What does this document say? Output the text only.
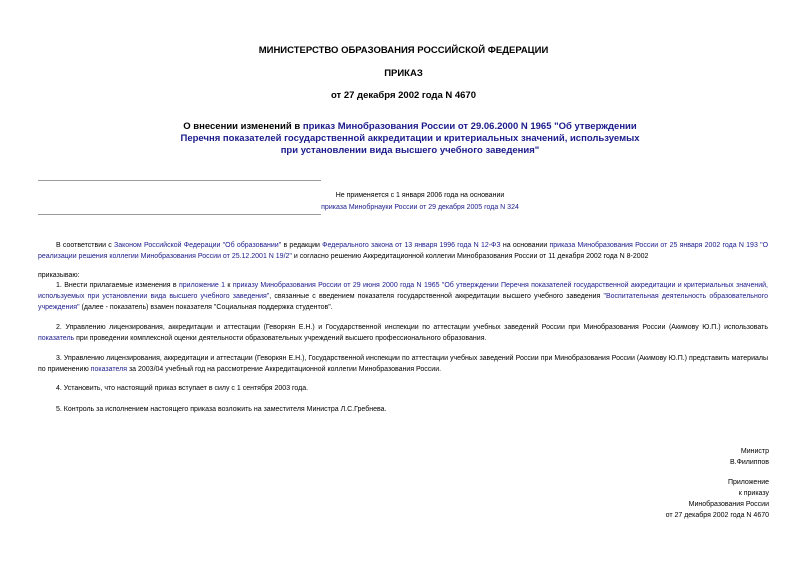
МИНИСТЕРСТВО ОБРАЗОВАНИЯ РОССИЙСКОЙ ФЕДЕРАЦИИ
ПРИКАЗ
от 27 декабря 2002 года N 4670
О внесении изменений в приказ Минобразования России от 29.06.2000 N 1965 "Об утверждении Перечня показателей государственной аккредитации и критериальных значений, используемых при установлении вида высшего учебного заведения"
Не применяется с 1 января 2006 года на основании
приказа Минобрнауки России от 29 декабря 2005 года N 324
В соответствии с Законом Российской Федерации "Об образовании" в редакции Федерального закона от 13 января 1996 года N 12-ФЗ на основании приказа Минобразования России от 25 января 2002 года N 193 "О реализации решения коллегии Минобразования России от 25.12.2001 N 19/2" и согласно решению Аккредитационной коллегии Минобразования России от 11 декабря 2002 года N 8-2002
приказываю:
1. Внести прилагаемые изменения в приложение 1 к приказу Минобразования России от 29 июня 2000 года N 1965 "Об утверждении Перечня показателей государственной аккредитации и критериальных значений, используемых при установлении вида высшего учебного заведения", связанные с введением показателя государственной аккредитации высшего учебного заведения "Воспитательная деятельность образовательного учреждения" (далее - показатель) взамен показателя "Социальная поддержка студентов".
2. Управлению лицензирования, аккредитации и аттестации (Геворкян Е.Н.) и Государственной инспекции по аттестации учебных заведений России при Минобразования России (Акимову Ю.П.) использовать показатель при проведении комплексной оценки деятельности образовательных учреждений высшего профессионального образования.
3. Управлению лицензирования, аккредитации и аттестации (Геворкян Е.Н.), Государственной инспекции по аттестации учебных заведений России при Минобразования России (Акимову Ю.П.) представить материалы по применению показателя за 2003/04 учебный год на рассмотрение Аккредитационной коллегии Минобразования России.
4. Установить, что настоящий приказ вступает в силу с 1 сентября 2003 года.
5. Контроль за исполнением настоящего приказа возложить на заместителя Министра Л.С.Гребнева.
Министр
В.Филиппов
Приложение
к приказу
Минобразования России
от 27 декабря 2002 года N 4670
